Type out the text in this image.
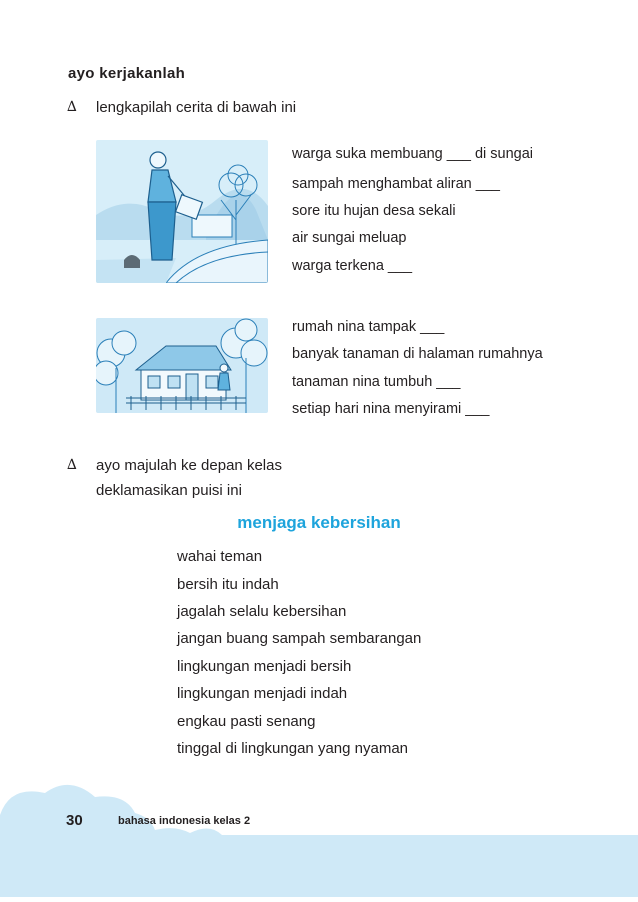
ayo kerjakanlah
∆ lengkapilah cerita di bawah ini
warga suka membuang ___ di sungai
sampah menghambat aliran ___
sore itu hujan desa sekali
air sungai meluap
warga terkena ___
rumah nina tampak ___
banyak tanaman di halaman rumahnya
tanaman nina tumbuh ___
setiap hari nina menyirami ___
∆ ayo majulah ke depan kelas
deklamasikan puisi ini
menjaga kebersihan
wahai teman
bersih itu indah
jagalah selalu kebersihan
jangan buang sampah sembarangan
lingkungan menjadi bersih
lingkungan menjadi indah
engkau pasti senang
tinggal di lingkungan yang nyaman
30	bahasa indonesia kelas 2
